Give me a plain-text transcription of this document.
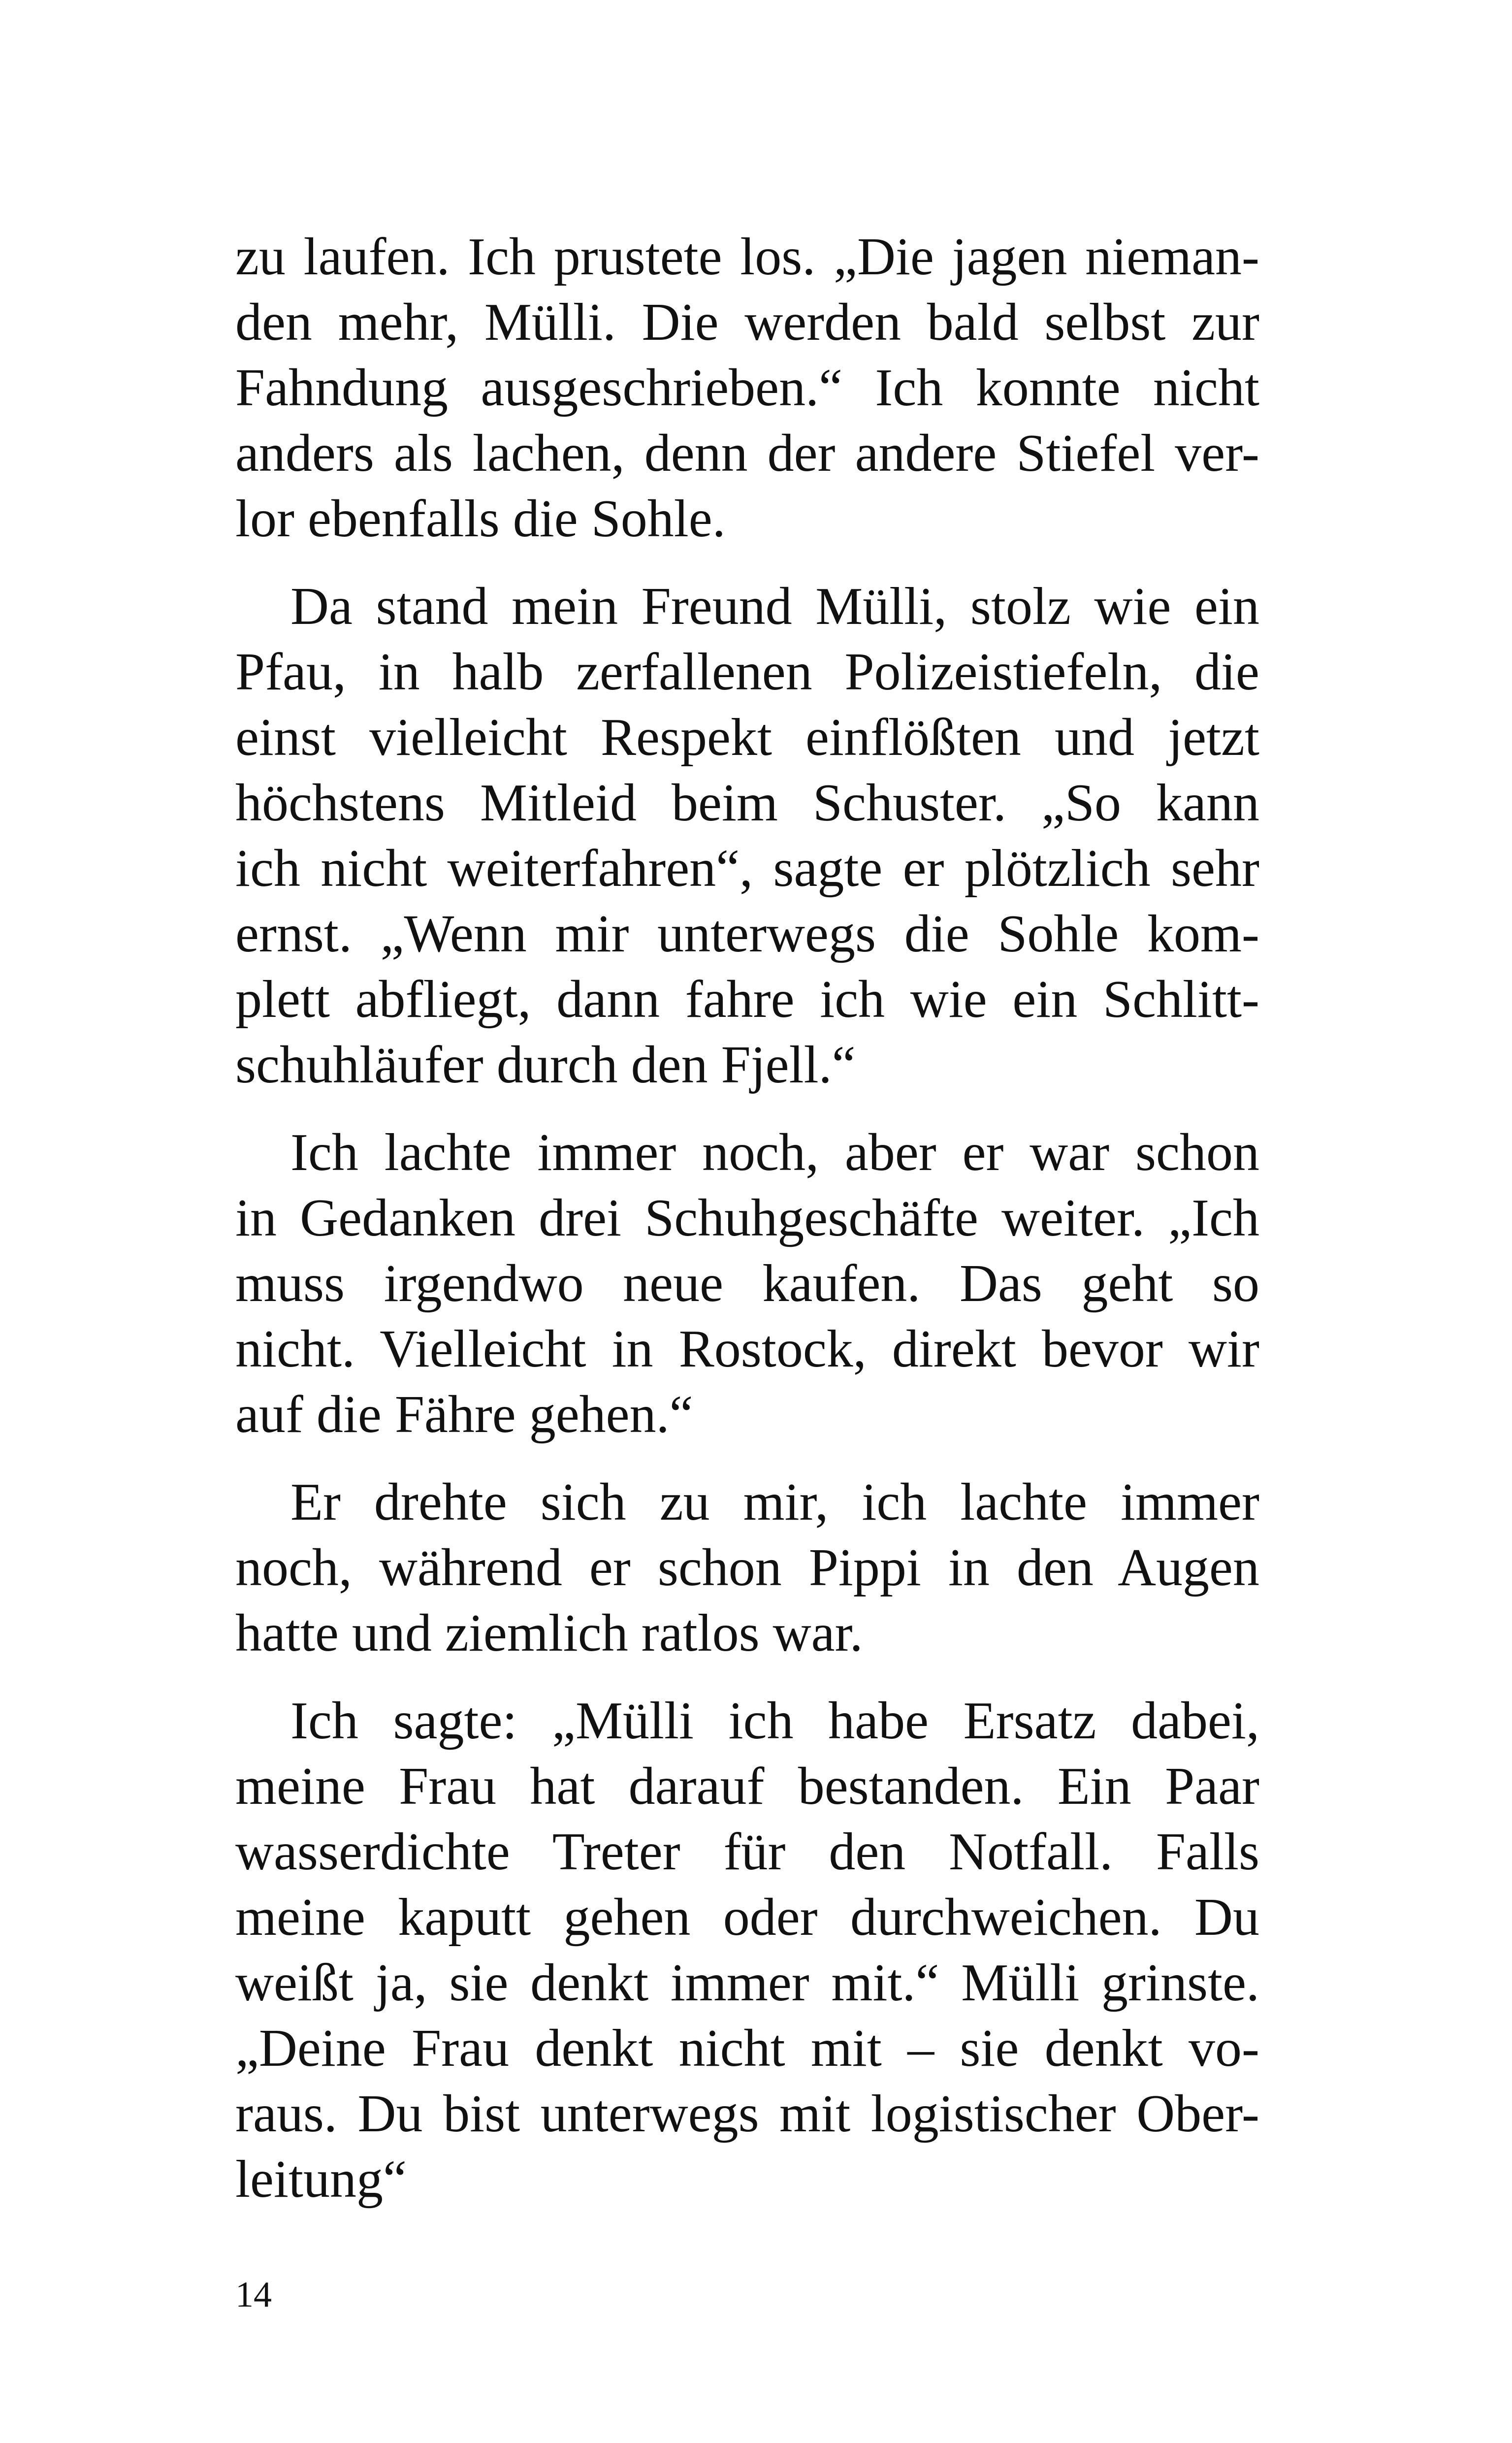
zu laufen. Ich prustete los. „Die jagen nieman-
den mehr, Mülli. Die werden bald selbst zur
Fahndung ausgeschrieben.“ Ich konnte nicht
anders als lachen, denn der andere Stiefel ver-
lor ebenfalls die Sohle.
Da stand mein Freund Mülli, stolz wie ein
Pfau, in halb zerfallenen Polizeistiefeln, die
einst vielleicht Respekt einflößten und jetzt
höchstens Mitleid beim Schuster. „So kann
ich nicht weiterfahren“, sagte er plötzlich sehr
ernst. „Wenn mir unterwegs die Sohle kom-
plett abfliegt, dann fahre ich wie ein Schlitt-
schuhläufer durch den Fjell.“
Ich lachte immer noch, aber er war schon
in Gedanken drei Schuhgeschäfte weiter. „Ich
muss irgendwo neue kaufen. Das geht so
nicht. Vielleicht in Rostock, direkt bevor wir
auf die Fähre gehen.“
Er drehte sich zu mir, ich lachte immer
noch, während er schon Pippi in den Augen
hatte und ziemlich ratlos war.
Ich sagte: „Mülli ich habe Ersatz dabei,
meine Frau hat darauf bestanden. Ein Paar
wasserdichte Treter für den Notfall. Falls
meine kaputt gehen oder durchweichen. Du
weißt ja, sie denkt immer mit.“ Mülli grinste.
„Deine Frau denkt nicht mit – sie denkt vo-
raus. Du bist unterwegs mit logistischer Ober-
leitung“
14
